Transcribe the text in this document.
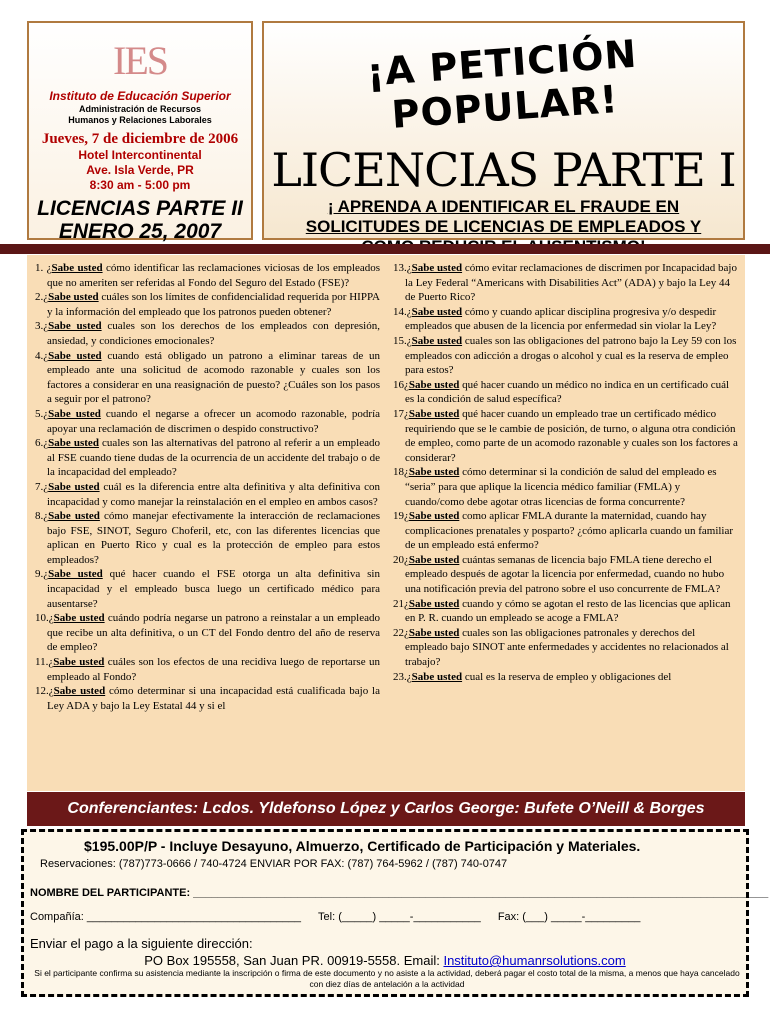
IES
Instituto de Educación Superior
Administración de Recursos
Humanos y Relaciones Laborales
Jueves, 7 de diciembre de 2006
Hotel Intercontinental
Ave. Isla Verde, PR
8:30 am - 5:00 pm
LICENCIAS PARTE II
ENERO 25, 2007
¡A PETICIÓN POPULAR!
LICENCIAS PARTE I
¡ APRENDA A IDENTIFICAR EL FRAUDE EN
SOLICITUDES DE LICENCIAS DE EMPLEADOS Y

1. ¿Sabe usted cómo identificar las reclamaciones viciosas de los empleados que no ameriten ser referidas al Fondo del Seguro del Estado (FSE)?

2.¿Sabe usted cuáles son los límites de confidencialidad requerida por HIPPA y la información del empleado que los patronos pueden obtener?

3.¿Sabe usted cuales son los derechos de los empleados con depresión, ansiedad, y condiciones emocionales?

4.¿Sabe usted cuando está obligado un patrono a eliminar tareas de un empleado ante una solicitud de acomodo razonable y cuales son los factores a considerar en una reasignación de puesto? ¿Cuáles son los pasos a seguir por el patrono?

5.¿Sabe usted cuando el negarse a ofrecer un acomodo razonable, podría apoyar una reclamación de discrimen o despido constructivo?

6.¿Sabe usted cuales son las alternativas del patrono al referir a un empleado al FSE cuando tiene dudas de la ocurrencia de un accidente del trabajo o de la incapacidad del empleado?

7.¿Sabe usted cuál es la diferencia entre alta definitiva y alta definitiva con incapacidad y como manejar la reinstalación en el empleo en ambos casos?

8.¿Sabe usted cómo manejar efectivamente la interacción de reclamaciones bajo FSE, SINOT, Seguro Choferil, etc, con las diferentes licencias que aplican en Puerto Rico y cual es la protección de empleo para estos empleados?

9.¿Sabe usted qué hacer cuando el FSE otorga un alta definitiva sin incapacidad y el empleado busca luego un certificado médico para ausentarse?

10.¿Sabe usted cuándo podría negarse un patrono a reinstalar a un empleado que recibe un alta definitiva, o un CT del Fondo dentro del año de reserva de empleo?

11.¿Sabe usted cuáles son los efectos de una recidiva luego de reportarse un empleado al Fondo?

12.¿Sabe usted cómo determinar si una incapacidad está cualificada bajo la Ley ADA y bajo la Ley Estatal 44 y si el

13.¿Sabe usted cómo evitar reclamaciones de discrimen por Incapacidad bajo la Ley Federal “Americans with Disabilities Act” (ADA) y bajo la Ley 44 de Puerto Rico?

14.¿Sabe usted cómo y cuando aplicar disciplina progresiva y/o despedir empleados que abusen de la licencia por enfermedad sin violar la Ley?

15.¿Sabe usted cuales son las obligaciones del patrono bajo la Ley 59 con los empleados con adicción a drogas o alcohol y cual es la reserva de empleo para estos?

16¿Sabe usted qué hacer cuando un médico no indica en un certificado cuál es la condición de salud específica?

17¿Sabe usted qué hacer cuando un empleado trae un certificado médico requiriendo que se le cambie de posición, de turno, o alguna otra condición de empleo, como parte de un acomodo razonable y cuales son los factores a considerar?

18¿Sabe usted cómo determinar si la condición de salud del empleado es “seria” para que aplique la licencia médico familiar (FMLA) y cuando/como debe agotar otras licencias de forma concurrente?

19¿Sabe usted como aplicar FMLA durante la maternidad, cuando hay complicaciones prenatales y posparto? ¿cómo aplicarla cuando un familiar de un empleado está enfermo?

20¿Sabe usted cuántas semanas de licencia bajo FMLA tiene derecho el empleado después de agotar la licencia por enfermedad, cuando no hubo una notificación previa del patrono sobre el uso concurrente de FMLA?

21¿Sabe usted cuando y cómo se agotan el resto de las licencias que aplican en P. R. cuando un empleado se acoge a FMLA?

22¿Sabe usted cuales son las obligaciones patronales y derechos del empleado bajo SINOT ante enfermedades y accidentes no relacionados al trabajo?

23.¿Sabe usted cual es la reserva de empleo y obligaciones del

Conferenciantes: Lcdos. Yldefonso López y Carlos George: Bufete O’Neill & Borges
$195.00P/P - Incluye Desayuno, Almuerzo, Certificado de Participación y Materiales.
Reservaciones: (787)773-0666 / 740-4724 ENVIAR POR FAX: (787) 764-5962 / (787) 740-0747
NOMBRE DEL PARTICIPANTE: ______________________________________________________________________________________________
Compañía: ___________________________________ Tel: (_____) _____-___________ Fax: (___) _____-_________
Enviar el pago a la siguiente dirección:
PO Box 195558, San Juan PR. 00919-5558. Email: Instituto@humanrsolutions.com
Si el participante confirma su asistencia mediante la inscripción o firma de este documento y no asiste a la actividad, deberá pagar el costo total de la misma, a menos que haya cancelado con diez días de antelación a la actividad
